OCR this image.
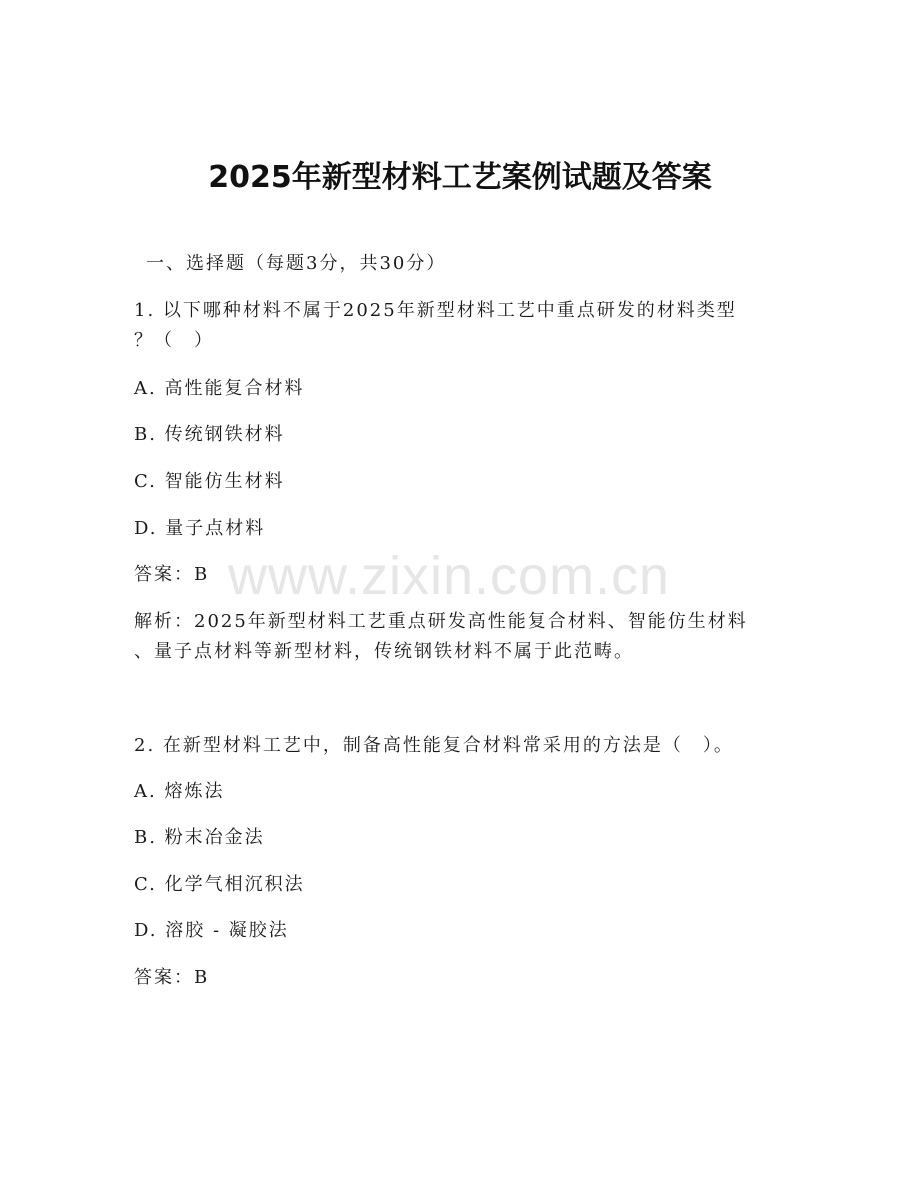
www.zixin.com.cn
2025年新型材料工艺案例试题及答案
一、选择题（每题3分，共30分）
1. 以下哪种材料不属于2025年新型材料工艺中重点研发的材料类型
？（　）
A. 高性能复合材料
B. 传统钢铁材料
C. 智能仿生材料
D. 量子点材料
答案：B
解析：2025年新型材料工艺重点研发高性能复合材料、智能仿生材料
、量子点材料等新型材料，传统钢铁材料不属于此范畴。
2. 在新型材料工艺中，制备高性能复合材料常采用的方法是（　）。
A. 熔炼法
B. 粉末冶金法
C. 化学气相沉积法
D. 溶胶 - 凝胶法
答案：B
